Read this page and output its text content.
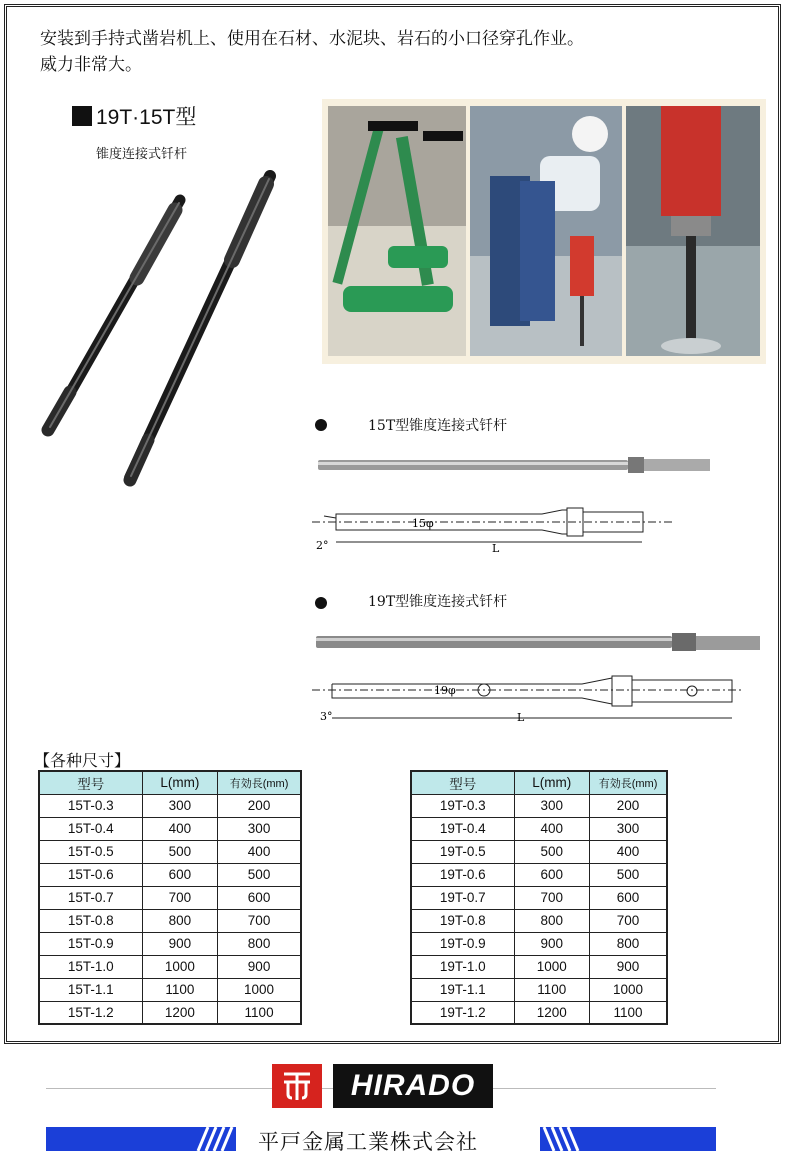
安装到手持式凿岩机上、使用在石材、水泥块、岩石的小口径穿孔作业。
威力非常大。
19T·15T型
锥度连接式钎杆
15T型锥度连接式钎杆
15φ
2°	L
19T型锥度连接式钎杆
19φ
3°	L
【各种尺寸】
型号	L(mm)	有効長(mm)
15T-0.3	300	200
15T-0.4	400	300
15T-0.5	500	400
15T-0.6	600	500
15T-0.7	700	600
15T-0.8	800	700
15T-0.9	900	800
15T-1.0	1000	900
15T-1.1	1100	1000
15T-1.2	1200	1100
型号	L(mm)	有効長(mm)
19T-0.3	300	200
19T-0.4	400	300
19T-0.5	500	400
19T-0.6	600	500
19T-0.7	700	600
19T-0.8	800	700
19T-0.9	900	800
19T-1.0	1000	900
19T-1.1	1100	1000
19T-1.2	1200	1100
HIRADO
平戸金属工業株式会社
